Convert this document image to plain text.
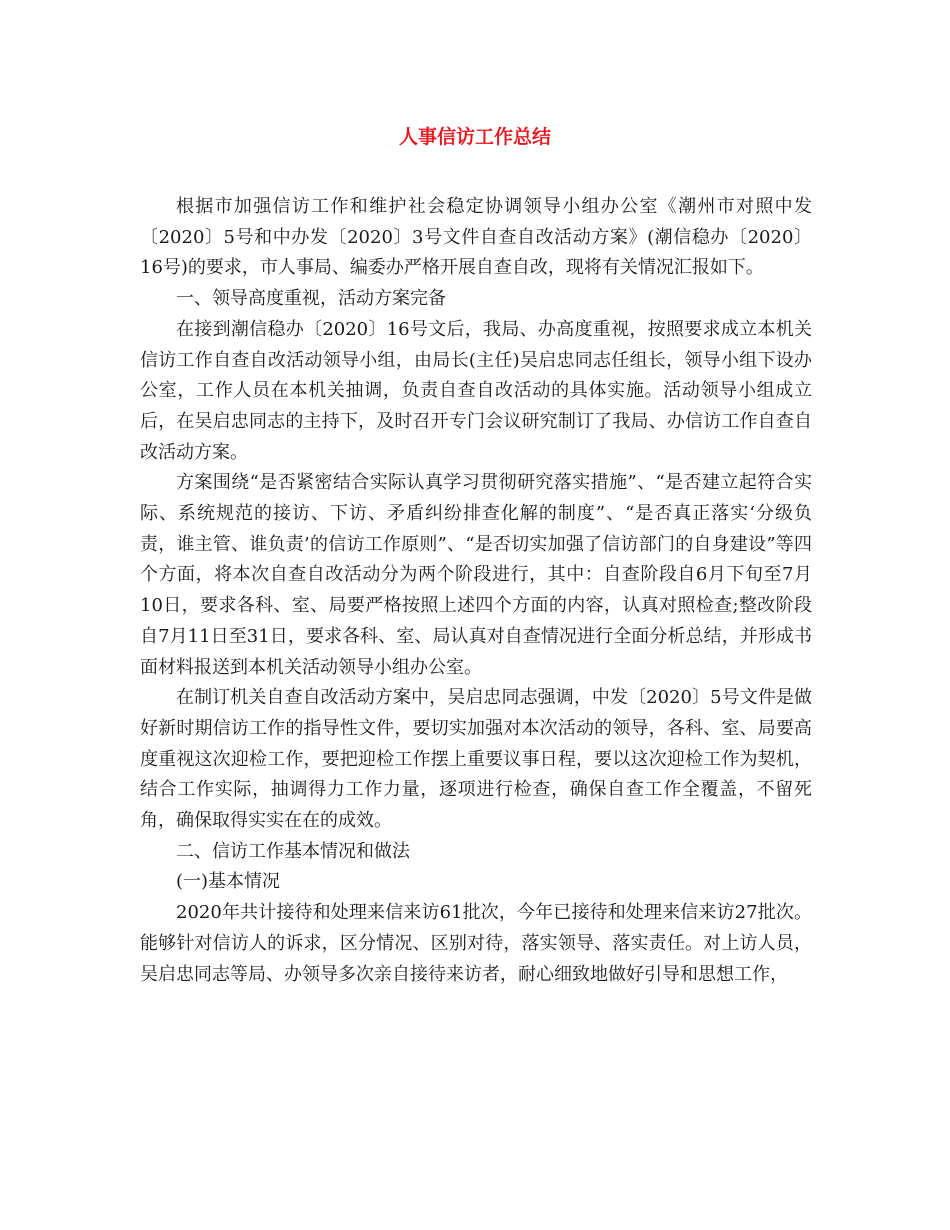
人事信访工作总结

根据市加强信访工作和维护社会稳定协调领导小组办公室《潮州市对照中发〔2020〕5号和中办发〔2020〕3号文件自查自改活动方案》(潮信稳办〔2020〕16号)的要求，市人事局、编委办严格开展自查自改，现将有关情况汇报如下。

一、领导高度重视，活动方案完备

在接到潮信稳办〔2020〕16号文后，我局、办高度重视，按照要求成立本机关信访工作自查自改活动领导小组，由局长(主任)吴启忠同志任组长，领导小组下设办公室，工作人员在本机关抽调，负责自查自改活动的具体实施。活动领导小组成立后，在吴启忠同志的主持下，及时召开专门会议研究制订了我局、办信访工作自查自改活动方案。

方案围绕“是否紧密结合实际认真学习贯彻研究落实措施”、“是否建立起符合实际、系统规范的接访、下访、矛盾纠纷排查化解的制度”、“是否真正落实‘分级负责，谁主管、谁负责’的信访工作原则”、“是否切实加强了信访部门的自身建设”等四个方面，将本次自查自改活动分为两个阶段进行，其中：自查阶段自6月下旬至7月10日，要求各科、室、局要严格按照上述四个方面的内容，认真对照检查;整改阶段自7月11日至31日，要求各科、室、局认真对自查情况进行全面分析总结，并形成书面材料报送到本机关活动领导小组办公室。

在制订机关自查自改活动方案中，吴启忠同志强调，中发〔2020〕5号文件是做好新时期信访工作的指导性文件，要切实加强对本次活动的领导，各科、室、局要高度重视这次迎检工作，要把迎检工作摆上重要议事日程，要以这次迎检工作为契机，结合工作实际，抽调得力工作力量，逐项进行检查，确保自查工作全覆盖，不留死角，确保取得实实在在的成效。

二、信访工作基本情况和做法

(一)基本情况

2020年共计接待和处理来信来访61批次，今年已接待和处理来信来访27批次。能够针对信访人的诉求，区分情况、区别对待，落实领导、落实责任。对上访人员，吴启忠同志等局、办领导多次亲自接待来访者，耐心细致地做好引导和思想工作，
